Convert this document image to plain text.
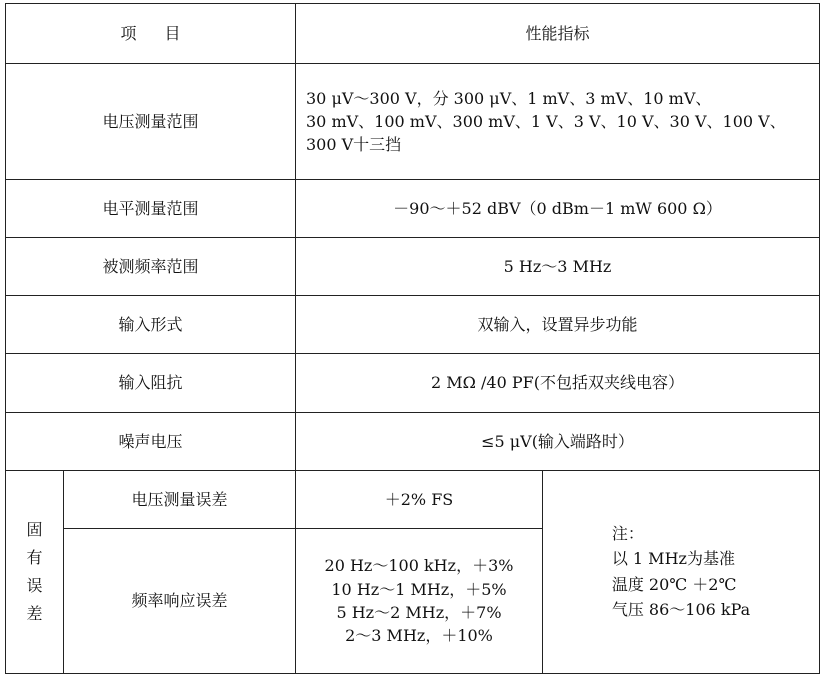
项 目		性能指标	
电压测量范围		30 μV～300 V，分 300 μV、1 mV、3 mV、10 mV、
30 mV、100 mV、300 mV、1 V、3 V、10 V、30 V、100 V、
300 V十三挡	

电平测量范围		－90～＋52 dBV（0 dBm－1 mW 600 Ω）	
被测频率范围		5 Hz～3 MHz	
输入形式		双输入，设置异步功能	
输入阻抗		2 MΩ /40 PF(不包括双夹线电容）	
噪声电压		≤5 μV(输入端路时）	

固
有
误
差	电压测量误差	＋2% FS	注：
以 1 MHz为基准
温度 20℃ ＋2℃
气压 86～106 kPa

	频率响应误差	20 Hz～100 kHz，＋3%
10 Hz～1 MHz，＋5%
5 Hz～2 MHz，＋7%
2～3 MHz，＋10%	
